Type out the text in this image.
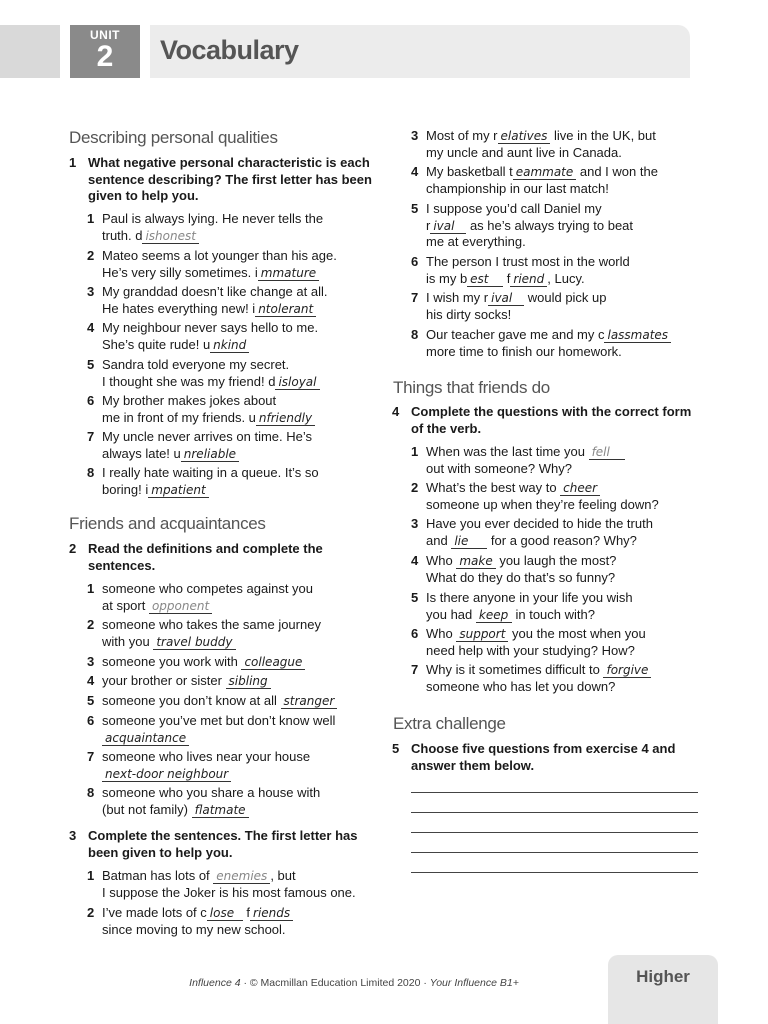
UNIT
2	Vocabulary
Describing personal qualities
1 What negative personal characteristic is each sentence describing? The first letter has been given to help you.
1 Paul is always lying. He never tells the
truth. d ishonest
2 Mateo seems a lot younger than his age.
He’s very silly sometimes. i mmature
3 My granddad doesn’t like change at all.
He hates everything new! i ntolerant
4 My neighbour never says hello to me.
She’s quite rude! u nkind
5 Sandra told everyone my secret.
I thought she was my friend! d isloyal
6 My brother makes jokes about
me in front of my friends. u nfriendly
7 My uncle never arrives on time. He’s
always late! u nreliable
8 I really hate waiting in a queue. It’s so
boring! i mpatient
Friends and acquaintances
2 Read the definitions and complete the sentences.
1 someone who competes against you
at sport opponent
2 someone who takes the same journey
with you travel buddy
3 someone you work with colleague
4 your brother or sister sibling
5 someone you don’t know at all stranger
6 someone you’ve met but don’t know well
acquaintance
7 someone who lives near your house
next-door neighbour
8 someone who you share a house with
(but not family) flatmate
3 Complete the sentences. The first letter has been given to help you.
1 Batman has lots of enemies , but
I suppose the Joker is his most famous one.
2 I’ve made lots of c lose f riends
since moving to my new school.
3 Most of my r elatives live in the UK, but
my uncle and aunt live in Canada.
4 My basketball t eammate and I won the
championship in our last match!
5 I suppose you’d call Daniel my
r ival as he’s always trying to beat
me at everything.
6 The person I trust most in the world
is my b est f riend , Lucy.
7 I wish my r ival would pick up
his dirty socks!
8 Our teacher gave me and my c lassmates
more time to finish our homework.
Things that friends do
4 Complete the questions with the correct form of the verb.
1 When was the last time you fell
out with someone? Why?
2 What’s the best way to cheer
someone up when they’re feeling down?
3 Have you ever decided to hide the truth
and lie for a good reason? Why?
4 Who make you laugh the most?
What do they do that’s so funny?
5 Is there anyone in your life you wish
you had keep in touch with?
6 Who support you the most when you
need help with your studying? How?
7 Why is it sometimes difficult to forgive
someone who has let you down?
Extra challenge
5 Choose five questions from exercise 4 and answer them below.
Influence 4 · © Macmillan Education Limited 2020 · Your Influence B1+	Higher
